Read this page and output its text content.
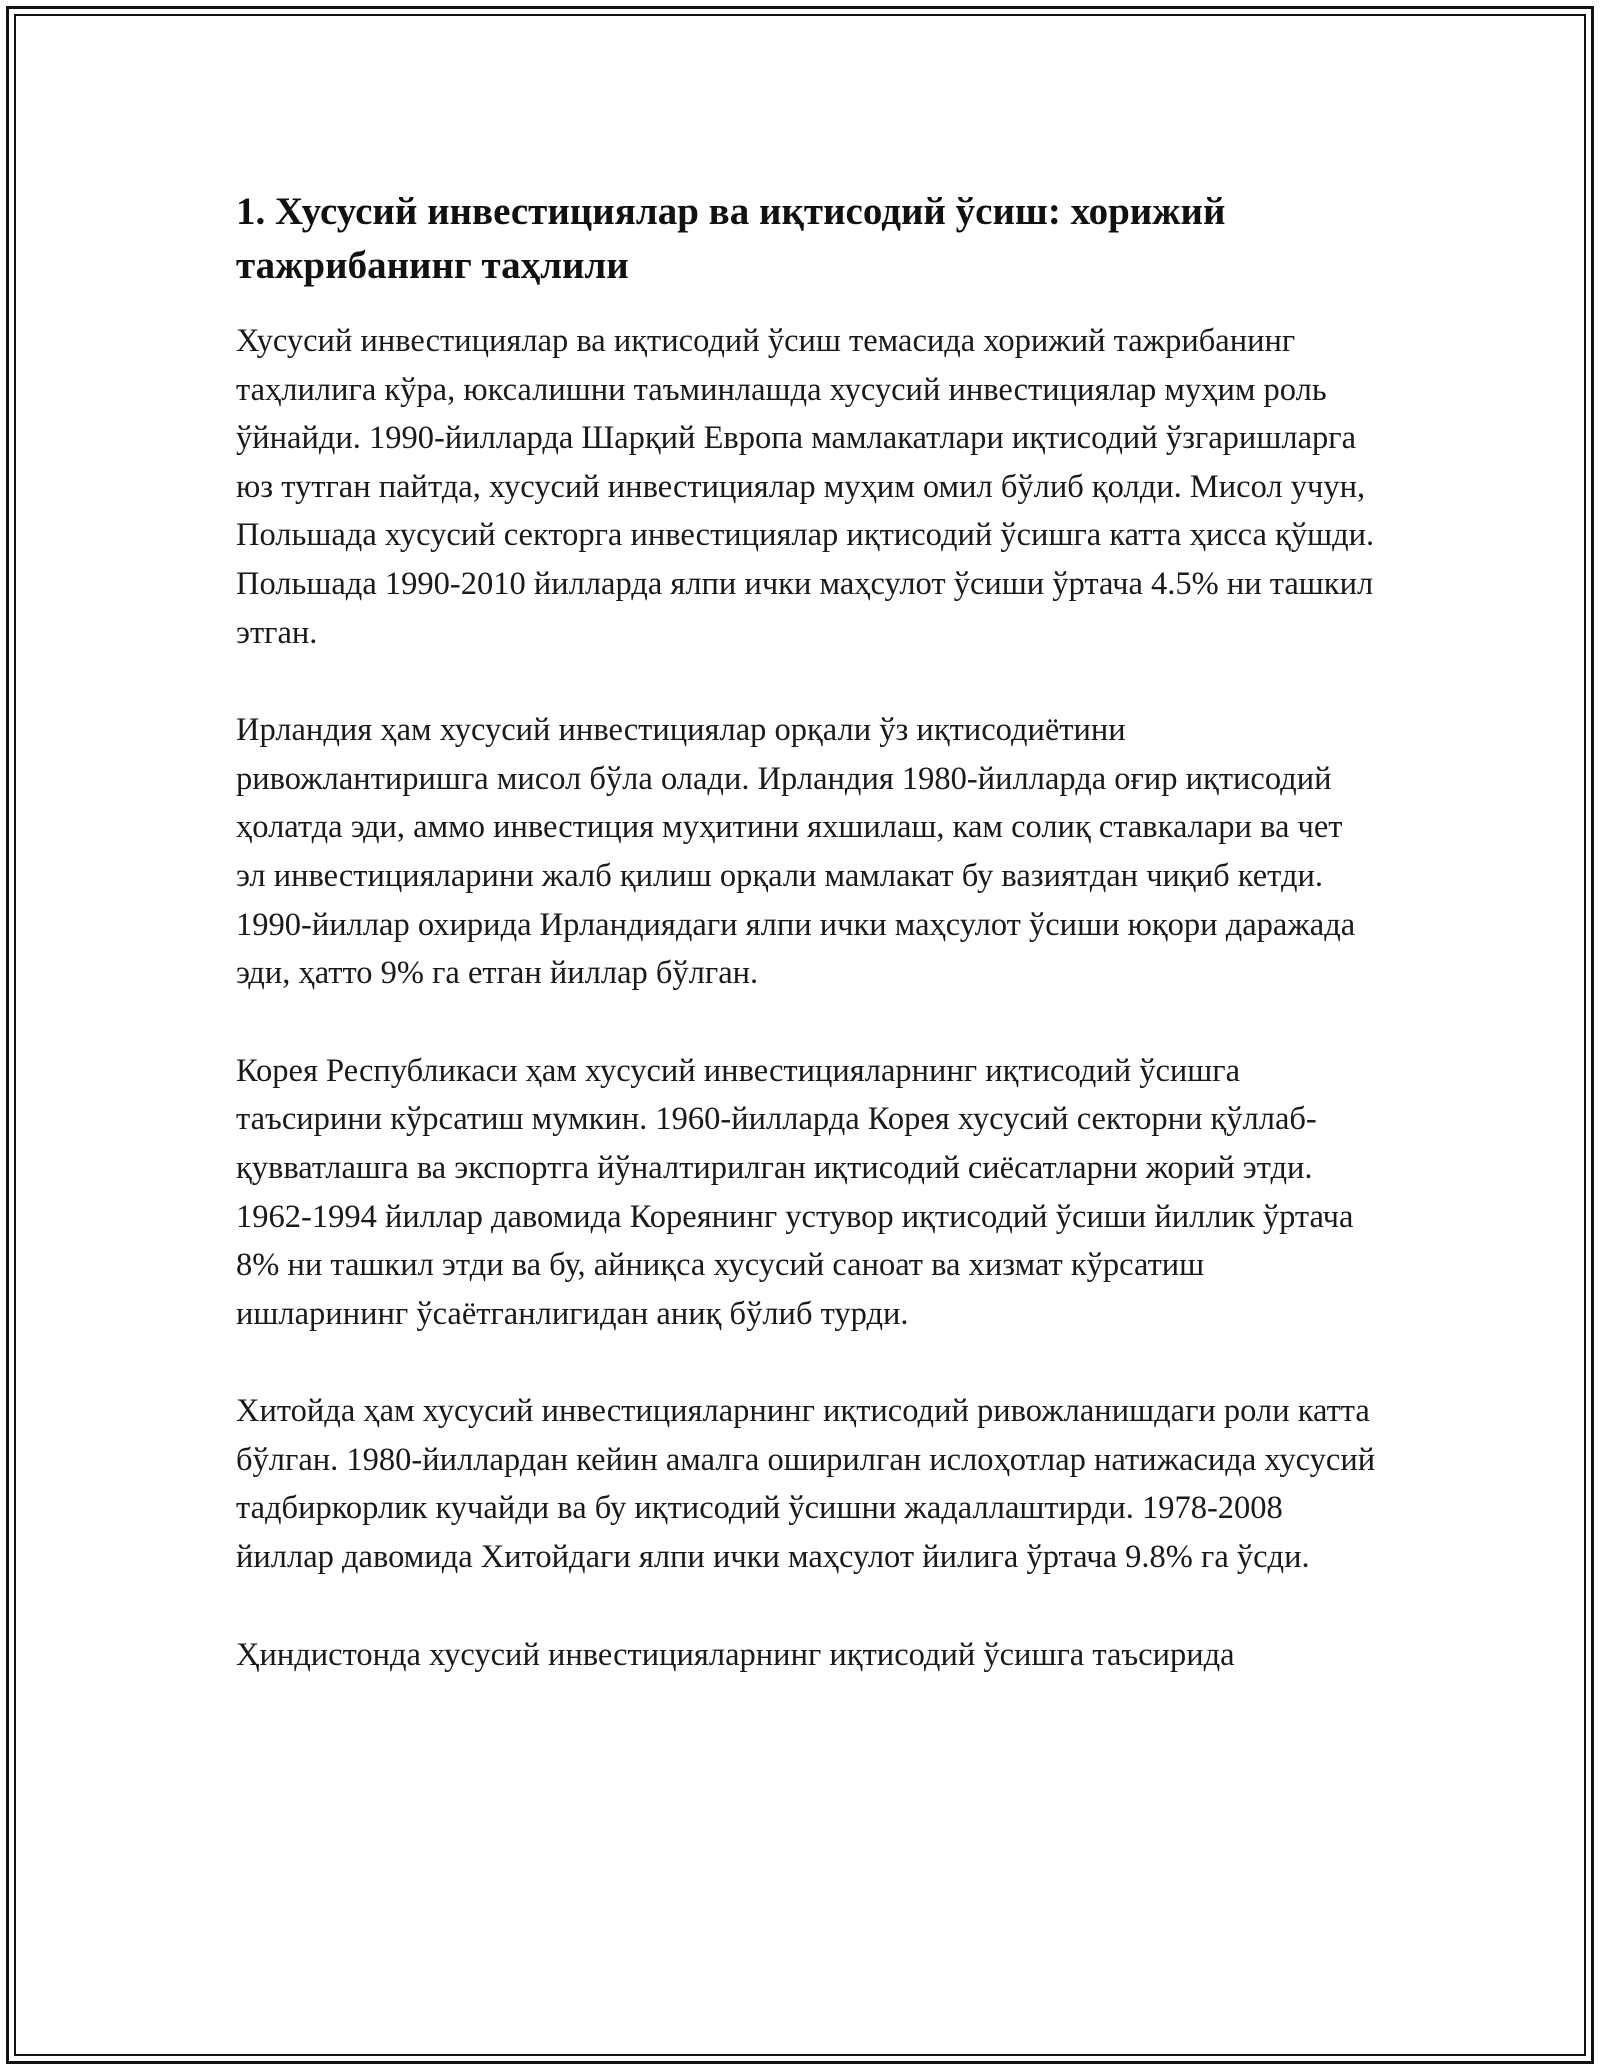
1. Хусусий инвестициялар ва иқтисодий ўсиш: хорижий тажрибанинг таҳлили

Хусусий инвестициялар ва иқтисодий ўсиш темасида хорижий тажрибанинг таҳлилига кўра, юксалишни таъминлашда хусусий инвестициялар муҳим роль ўйнайди. 1990-йилларда Шарқий Европа мамлакатлари иқтисодий ўзгаришларга юз тутган пайтда, хусусий инвестициялар муҳим омил бўлиб қолди. Мисол учун, Польшада хусусий секторга инвестициялар иқтисодий ўсишга катта ҳисса қўшди. Польшада 1990-2010 йилларда ялпи ички маҳсулот ўсиши ўртача 4.5% ни ташкил этган.

Ирландия ҳам хусусий инвестициялар орқали ўз иқтисодиётини ривожлантиришга мисол бўла олади. Ирландия 1980-йилларда оғир иқтисодий ҳолатда эди, аммо инвестиция муҳитини яхшилаш, кам солиқ ставкалари ва чет эл инвестицияларини жалб қилиш орқали мамлакат бу вазиятдан чиқиб кетди. 1990-йиллар охирида Ирландиядаги ялпи ички маҳсулот ўсиши юқори даражада эди, ҳатто 9% га етган йиллар бўлган.

Корея Республикаси ҳам хусусий инвестицияларнинг иқтисодий ўсишга таъсирини кўрсатиш мумкин. 1960-йилларда Корея хусусий секторни қўллаб-қувватлашга ва экспортга йўналтирилган иқтисодий сиёсатларни жорий этди. 1962-1994 йиллар давомида Кореянинг устувор иқтисодий ўсиши йиллик ўртача 8% ни ташкил этди ва бу, айниқса хусусий саноат ва хизмат кўрсатиш ишларининг ўсаётганлигидан аниқ бўлиб турди.

Хитойда ҳам хусусий инвестицияларнинг иқтисодий ривожланишдаги роли катта бўлган. 1980-йиллардан кейин амалга оширилган ислоҳотлар натижасида хусусий тадбиркорлик кучайди ва бу иқтисодий ўсишни жадаллаштирди. 1978-2008 йиллар давомида Хитойдаги ялпи ички маҳсулот йилига ўртача 9.8% га ўсди.

Ҳиндистонда хусусий инвестицияларнинг иқтисодий ўсишга таъсирида
